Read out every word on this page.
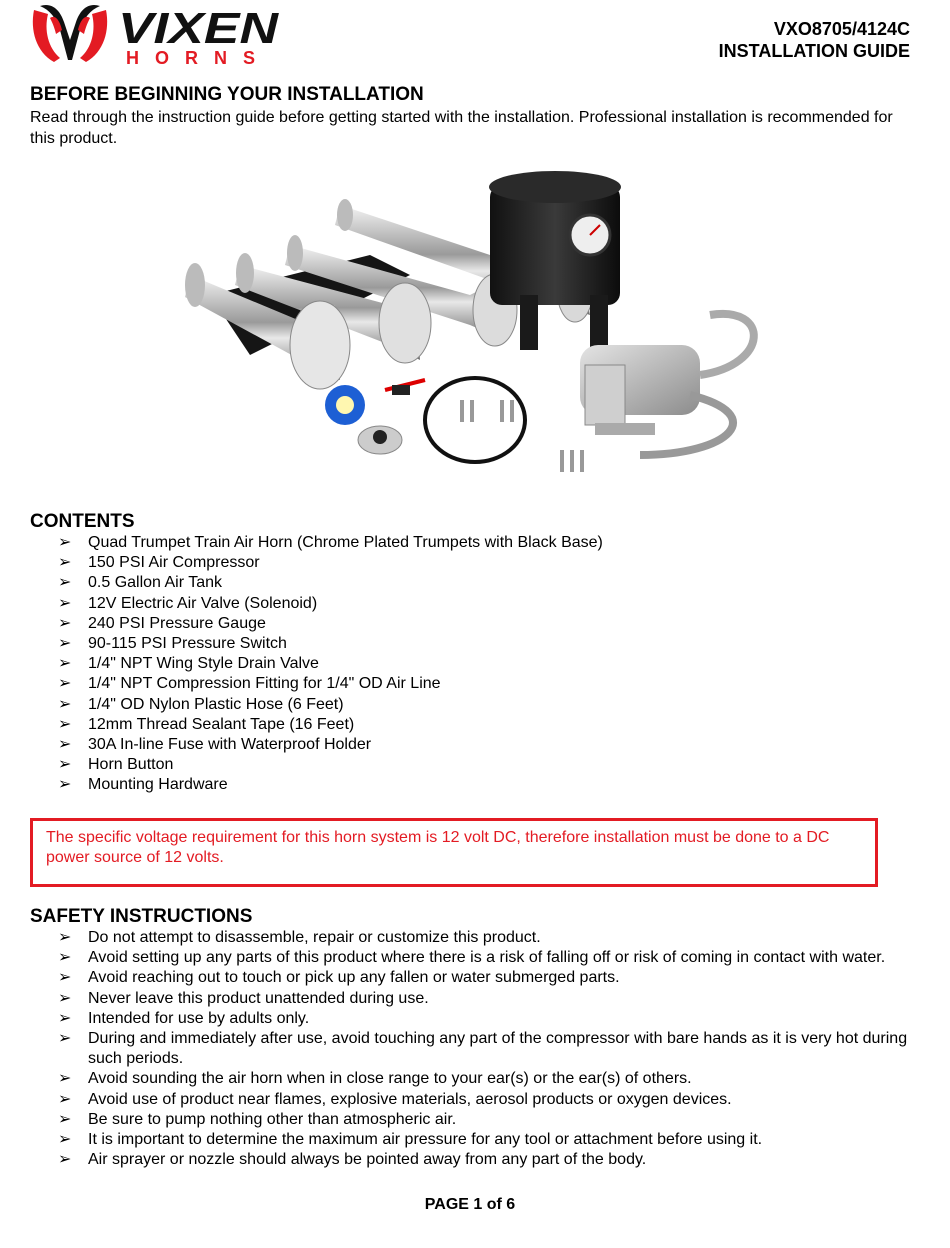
VIXEN
HORNS
VXO8705/4124C
INSTALLATION GUIDE
BEFORE BEGINNING YOUR INSTALLATION

Read through the instruction guide before getting started with the installation. Professional installation is recommended for this product.

CONTENTS
➢ Quad Trumpet Train Air Horn (Chrome Plated Trumpets with Black Base)
➢ 150 PSI Air Compressor
➢ 0.5 Gallon Air Tank
➢ 12V Electric Air Valve (Solenoid)
➢ 240 PSI Pressure Gauge
➢ 90-115 PSI Pressure Switch
➢ 1/4" NPT Wing Style Drain Valve
➢ 1/4" NPT Compression Fitting for 1/4" OD Air Line
➢ 1/4" OD Nylon Plastic Hose (6 Feet)
➢ 12mm Thread Sealant Tape (16 Feet)
➢ 30A In-line Fuse with Waterproof Holder
➢ Horn Button
➢ Mounting Hardware
The specific voltage requirement for this horn system is 12 volt DC, therefore installation must be done to a DC power source of 12 volts.
SAFETY INSTRUCTIONS
➢ Do not attempt to disassemble, repair or customize this product.
➢ Avoid setting up any parts of this product where there is a risk of falling off or risk of coming in contact with water.
➢ Avoid reaching out to touch or pick up any fallen or water submerged parts.
➢ Never leave this product unattended during use.
➢ Intended for use by adults only.
➢ During and immediately after use, avoid touching any part of the compressor with bare hands as it is very hot during such periods.
➢ Avoid sounding the air horn when in close range to your ear(s) or the ear(s) of others.
➢ Avoid use of product near flames, explosive materials, aerosol products or oxygen devices.
➢ Be sure to pump nothing other than atmospheric air.
➢ It is important to determine the maximum air pressure for any tool or attachment before using it.
➢ Air sprayer or nozzle should always be pointed away from any part of the body.
PAGE 1 of 6
